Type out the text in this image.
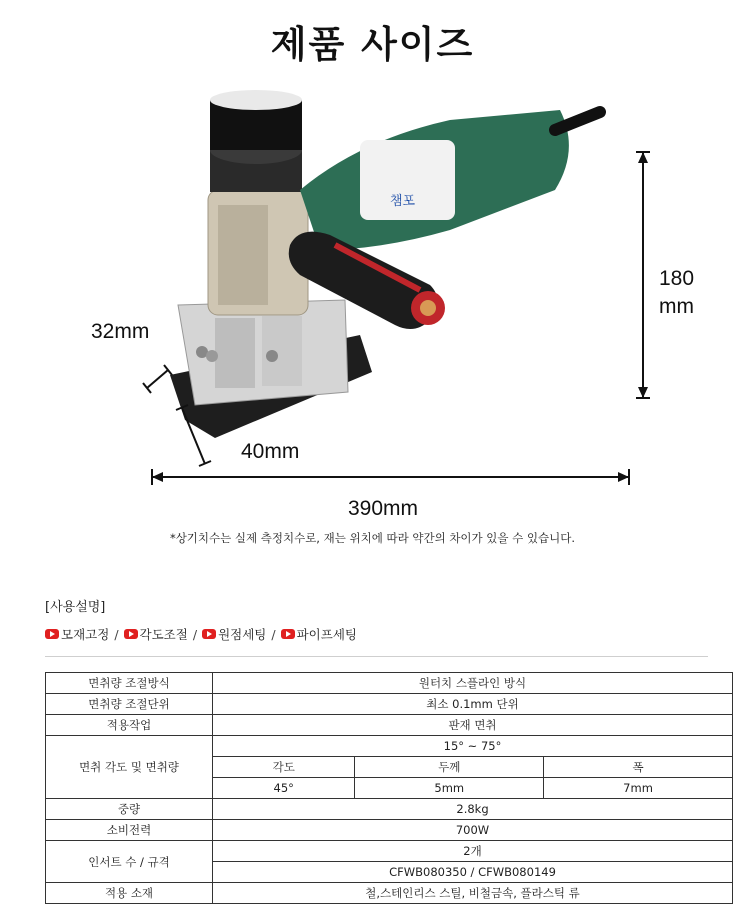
제품 사이즈
챔포
180
mm
32mm
40mm
390mm
*상기치수는 실제 측정치수로, 재는 위치에 따라 약간의 차이가 있을 수 있습니다.
[사용설명]
모재고정 / 각도조절 / 원점세팅 / 파이프세팅
면취량 조절방식	원터치 스플라인 방식		
면취량 조절단위	최소 0.1mm 단위		
적용작업	판재 면취		
면취 각도 및 면취량	15° ~ 75°		
	각도	두께	폭
	45°	5mm	7mm
중량	2.8kg		
소비전력	700W		
인서트 수 / 규격	2개		
	CFWB080350 / CFWB080149		
적용 소재	철,스테인리스 스틸, 비철금속, 플라스틱 류		
